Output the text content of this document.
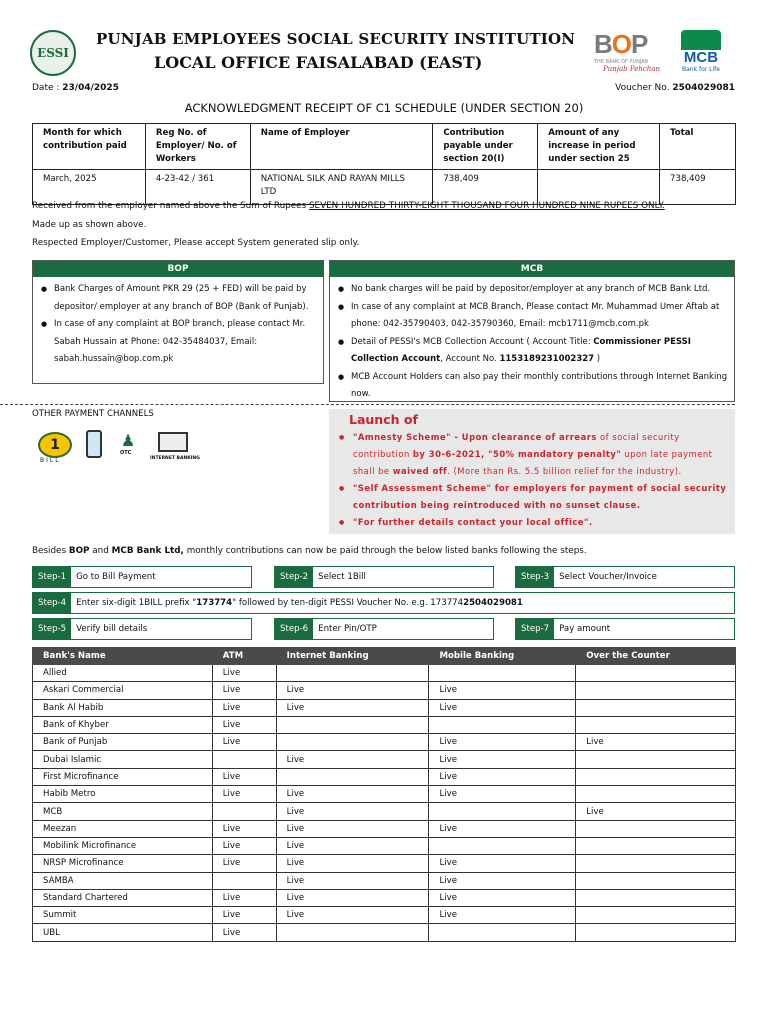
ESSI
PUNJAB EMPLOYEES SOCIAL SECURITY INSTITUTION
LOCAL OFFICE FAISALABAD (EAST)
BOP
THE BANK OF PUNJAB
Punjab Pehchan
MCB
Bank for Life
Date : 23/04/2025	Voucher No. 2504029081
ACKNOWLEDGMENT RECEIPT OF C1 SCHEDULE (UNDER SECTION 20)
Month for which contribution paid	Reg No. of Employer/ No. of Workers	Name of Employer	Contribution payable under section 20(I)	Amount of any increase in period under section 25	Total
March, 2025	4-23-42 / 361	NATIONAL SILK AND RAYAN MILLS LTD	738,409		738,409
Received from the employer named above the Sum of Rupees SEVEN HUNDRED THIRTY-EIGHT THOUSAND FOUR HUNDRED NINE RUPEES ONLY.
Made up as shown above.
Respected Employer/Customer, Please accept System generated slip only.
BOP
● Bank Charges of Amount PKR 29 (25 + FED) will be paid by depositor/ employer at any branch of BOP (Bank of Punjab).
● In case of any complaint at BOP branch, please contact Mr. Sabah Hussain at Phone: 042-35484037, Email: sabah.hussain@bop.com.pk
MCB
● No bank charges will be paid by depositor/employer at any branch of MCB Bank Ltd.
● In case of any complaint at MCB Branch, Please contact Mr. Muhammad Umer Aftab at phone: 042-35790403, 042-35790360, Email: mcb1711@mcb.com.pk
● Detail of PESSI's MCB Collection Account ( Account Title: Commissioner PESSI Collection Account, Account No. 1153189231002327 )
● MCB Account Holders can also pay their monthly contributions through Internet Banking now.
OTHER PAYMENT CHANNELS
1
BILL
♟
OTC
INTERNET BANKING
Launch of
● "Amnesty Scheme" - Upon clearance of arrears of social security contribution by 30-6-2021, "50% mandatory penalty" upon late payment shall be waived off. (More than Rs. 5.5 billion relief for the industry).
● "Self Assessment Scheme" for employers for payment of social security contribution being reintroduced with no sunset clause.
● "For further details contact your local office".
Besides BOP and MCB Bank Ltd, monthly contributions can now be paid through the below listed banks following the steps.
Step-1	Go to Bill Payment	Step-2	Select 1Bill	Step-3	Select Voucher/Invoice
Step-4	Enter six-digit 1BILL prefix "173774" followed by ten-digit PESSI Voucher No. e.g. 1737742504029081
Step-5	Verify bill details	Step-6	Enter Pin/OTP	Step-7	Pay amount
Bank's Name	ATM	Internet Banking	Mobile Banking	Over the Counter
Allied	Live			
Askari Commercial	Live	Live	Live	
Bank Al Habib	Live	Live	Live	
Bank of Khyber	Live			
Bank of Punjab	Live		Live	Live
Dubai Islamic		Live	Live	
First Microfinance	Live		Live	
Habib Metro	Live	Live	Live	
MCB		Live		Live
Meezan	Live	Live	Live	
Mobilink Microfinance	Live	Live		
NRSP Microfinance	Live	Live	Live	
SAMBA		Live	Live	
Standard Chartered	Live	Live	Live	
Summit	Live	Live	Live	
UBL	Live			
